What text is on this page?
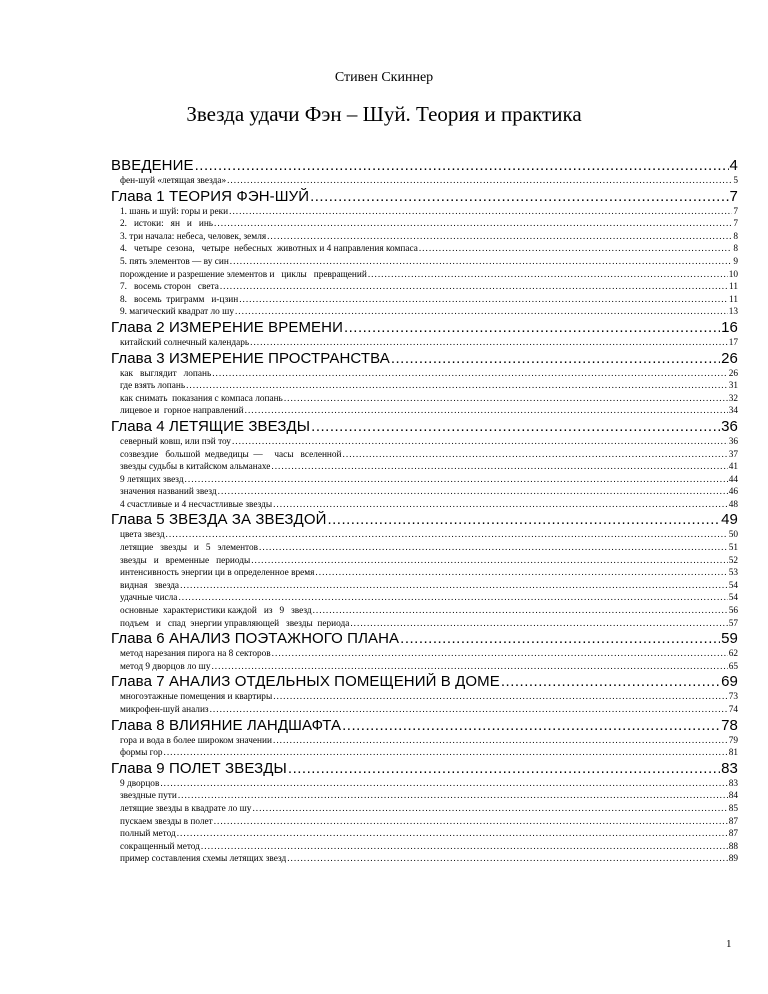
Стивен Скиннер
Звезда удачи Фэн – Шуй. Теория и практика
ВВЕДЕНИЕ .....	4
фен-шуй «летящая звезда» .....	5
Глава 1 ТЕОРИЯ ФЭН-ШУЙ .....	7
1. шань и шуй: горы и реки .....	7
2.   истоки:   ян   и   инь .....	7
3. три начала: небеса, человек, земля .....	8
4.   четыре  сезона,   четыре  небесных  животных и 4 направления компаса .....	8
5. пять элементов — ву син .....	9
порождение и разрешение элементов и   циклы   превращений .....	10
7.   восемь сторон   света .....	11
8.   восемь  триграмм   и-цзин .....	11
9. магический квадрат ло шу .....	13
Глава 2 ИЗМЕРЕНИЕ ВРЕМЕНИ .....	16
китайский солнечный календарь .....	17
Глава 3 ИЗМЕРЕНИЕ ПРОСТРАНСТВА .....	26
как   выглядит   лопань .....	26
где взять лопань .....	31
как снимать  показания с компаса лопань .....	32
лицевое и  горное направлений .....	34
Глава 4 ЛЕТЯЩИЕ ЗВЕЗДЫ .....	36
северный ковш, или пэй тоу .....	36
созвездие   большой  медведицы  —     часы   вселенной .....	37
звезды судьбы в китайском альманахе .....	41
9 летящих звезд .....	44
значения названий звезд .....	46
4 счастливые и 4 несчастливые звезды .....	48
Глава 5 ЗВЕЗДА ЗА ЗВЕЗДОЙ .....	49
цвета звезд .....	50
летящие   звезды   и   5   элементов .....	51
звезды   и   временные   периоды .....	52
интенсивность энергии ци в определенное время .....	53
видная   звезда .....	54
удачные числа .....	54
основные  характеристики каждой   из   9   звезд .....	56
подъем   и   спад  энергии управляющей   звезды  периода .....	57
Глава 6 АНАЛИЗ ПОЭТАЖНОГО ПЛАНА .....	59
метод нарезания пирога на 8 секторов .....	62
метод 9 дворцов ло шу .....	65
Глава 7 АНАЛИЗ ОТДЕЛЬНЫХ ПОМЕЩЕНИЙ В ДОМЕ .....	69
многоэтажные помещения и квартиры .....	73
микрофен-шуй анализ .....	74
Глава 8 ВЛИЯНИЕ ЛАНДШАФТА .....	78
гора и вода в более широком значении .....	79
формы гор .....	81
Глава 9 ПОЛЕТ ЗВЕЗДЫ .....	83
9 дворцов .....	83
звездные пути .....	84
летящие звезды в квадрате ло шу .....	85
пускаем звезды в полет .....	87
полный метод .....	87
сокращенный метод .....	88
пример составления схемы летящих звезд .....	89
1
